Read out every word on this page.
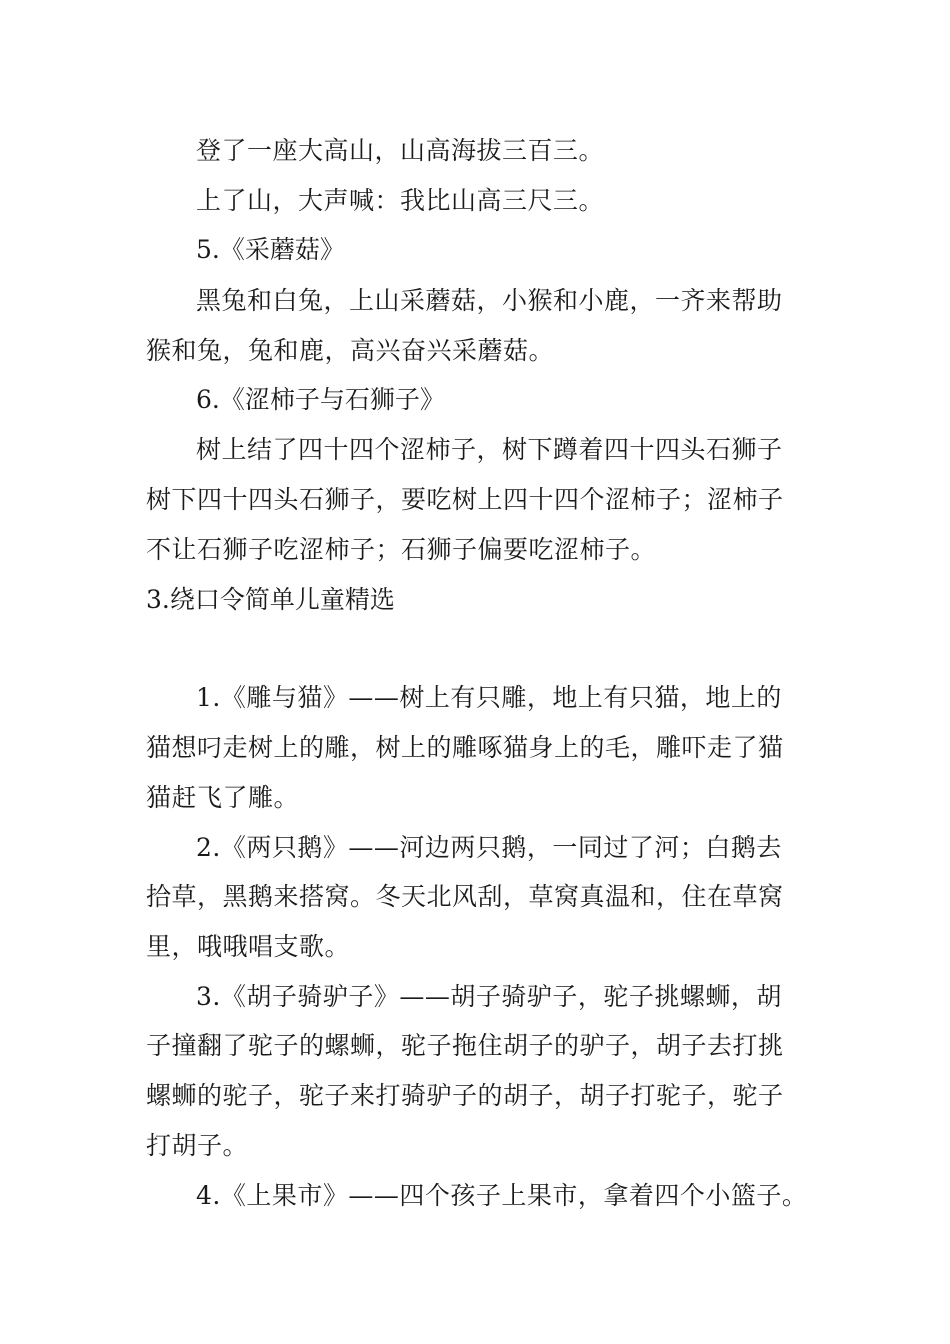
登了一座大高山，山高海拔三百三。
上了山，大声喊：我比山高三尺三。
5.《采蘑菇》
黑兔和白兔，上山采蘑菇，小猴和小鹿，一齐来帮助
猴和兔，兔和鹿，高兴奋兴采蘑菇。
6.《涩柿子与石狮子》
树上结了四十四个涩柿子，树下蹲着四十四头石狮子
树下四十四头石狮子，要吃树上四十四个涩柿子；涩柿子
不让石狮子吃涩柿子；石狮子偏要吃涩柿子。
3.绕口令简单儿童精选
1.《雕与猫》——树上有只雕，地上有只猫，地上的
猫想叼走树上的雕，树上的雕啄猫身上的毛，雕吓走了猫
猫赶飞了雕。
2.《两只鹅》——河边两只鹅，一同过了河；白鹅去
拾草，黑鹅来搭窝。冬天北风刮，草窝真温和，住在草窝
里，哦哦唱支歌。
3.《胡子骑驴子》——胡子骑驴子，驼子挑螺蛳，胡
子撞翻了驼子的螺蛳，驼子拖住胡子的驴子，胡子去打挑
螺蛳的驼子，驼子来打骑驴子的胡子，胡子打驼子，驼子
打胡子。
4.《上果市》——四个孩子上果市，拿着四个小篮子。
